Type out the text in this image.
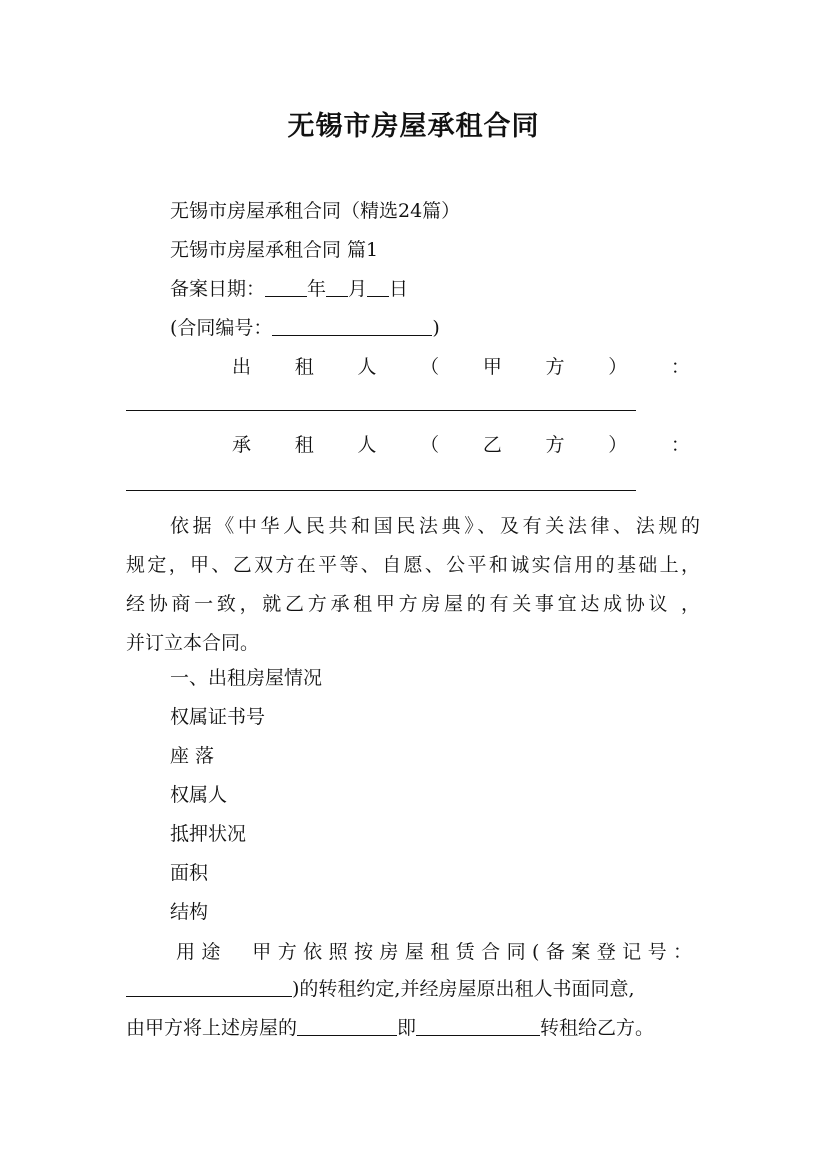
无锡市房屋承租合同
无锡市房屋承租合同（精选24篇）
无锡市房屋承租合同 篇1
备案日期： 年 月 日
(合同编号：	)
出 租 人 （ 甲 方 ） ：
承 租 人 （ 乙 方 ） ：
依据《中华人民共和国民法典》、及有关法律、法规的
规定，甲、乙双方在平等、自愿、公平和诚实信用的基础上，
经协商一致，就乙方承租甲方房屋的有关事宜达成协议 ，
并订立本合同。
一、出租房屋情况
权属证书号
座 落
权属人
抵押状况
面积
结构
用途　甲方依照按房屋租赁合同(备案登记号：
)的转租约定,并经房屋原出租人书面同意,
由甲方将上述房屋的	即	转租给乙方。
